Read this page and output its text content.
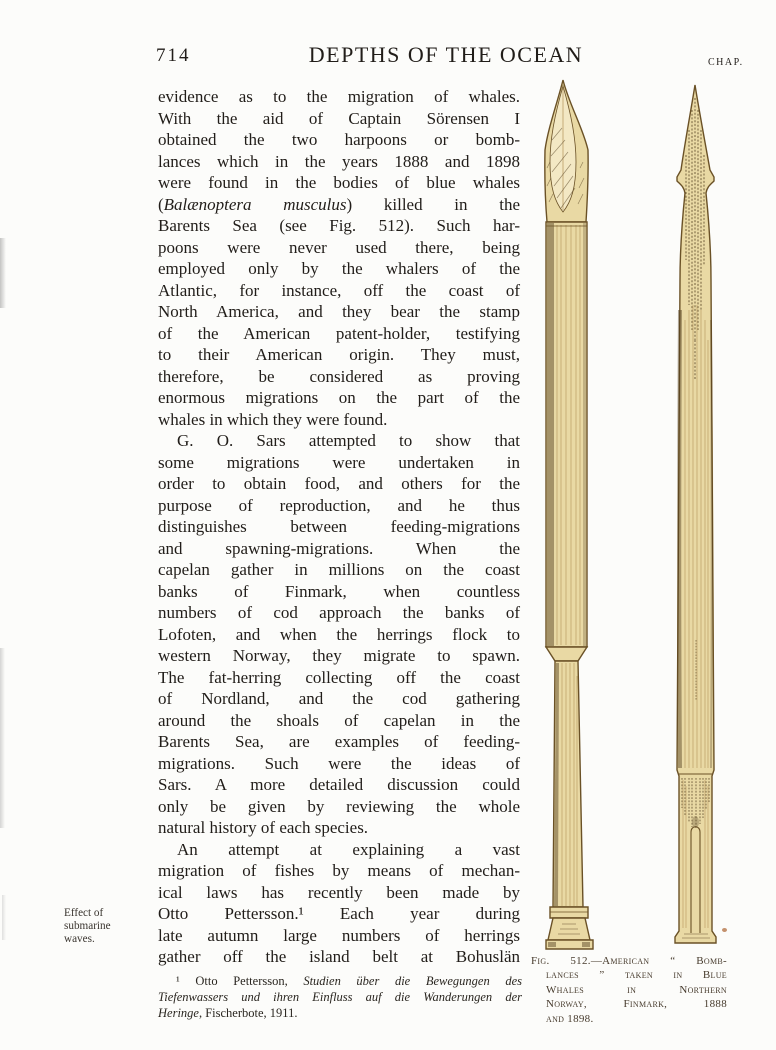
714	DEPTHS OF THE OCEAN	CHAP.
evidence as to the migration of whales.
With the aid of Captain Sörensen I
obtained the two harpoons or bomb-
lances which in the years 1888 and 1898
were found in the bodies of blue whales
(Balænoptera musculus) killed in the
Barents Sea (see Fig. 512). Such har-
poons were never used there, being
employed only by the whalers of the
Atlantic, for instance, off the coast of
North America, and they bear the stamp
of the American patent-holder, testifying
to their American origin. They must,
therefore, be considered as proving
enormous migrations on the part of the
whales in which they were found.
G. O. Sars attempted to show that
some migrations were undertaken in
order to obtain food, and others for the
purpose of reproduction, and he thus
distinguishes between feeding-migrations
and spawning-migrations. When the
capelan gather in millions on the coast
banks of Finmark, when countless
numbers of cod approach the banks of
Lofoten, and when the herrings flock to
western Norway, they migrate to spawn.
The fat-herring collecting off the coast
of Nordland, and the cod gathering
around the shoals of capelan in the
Barents Sea, are examples of feeding-
migrations. Such were the ideas of
Sars. A more detailed discussion could
only be given by reviewing the whole
natural history of each species.
An attempt at explaining a vast
migration of fishes by means of mechan-
ical laws has recently been made by
Otto Pettersson.¹ Each year during
late autumn large numbers of herrings
gather off the island belt at Bohuslän
Effect of
submarine
waves.
¹ Otto Pettersson, Studien über die Bewegungen des
Tiefenwassers und ihren Einfluss auf die Wanderungen der
Heringe, Fischerbote, 1911.
Fig. 512.—American “ Bomb-
lances ” taken in Blue
Whales in Northern
Norway, Finmark, 1888
and 1898.
